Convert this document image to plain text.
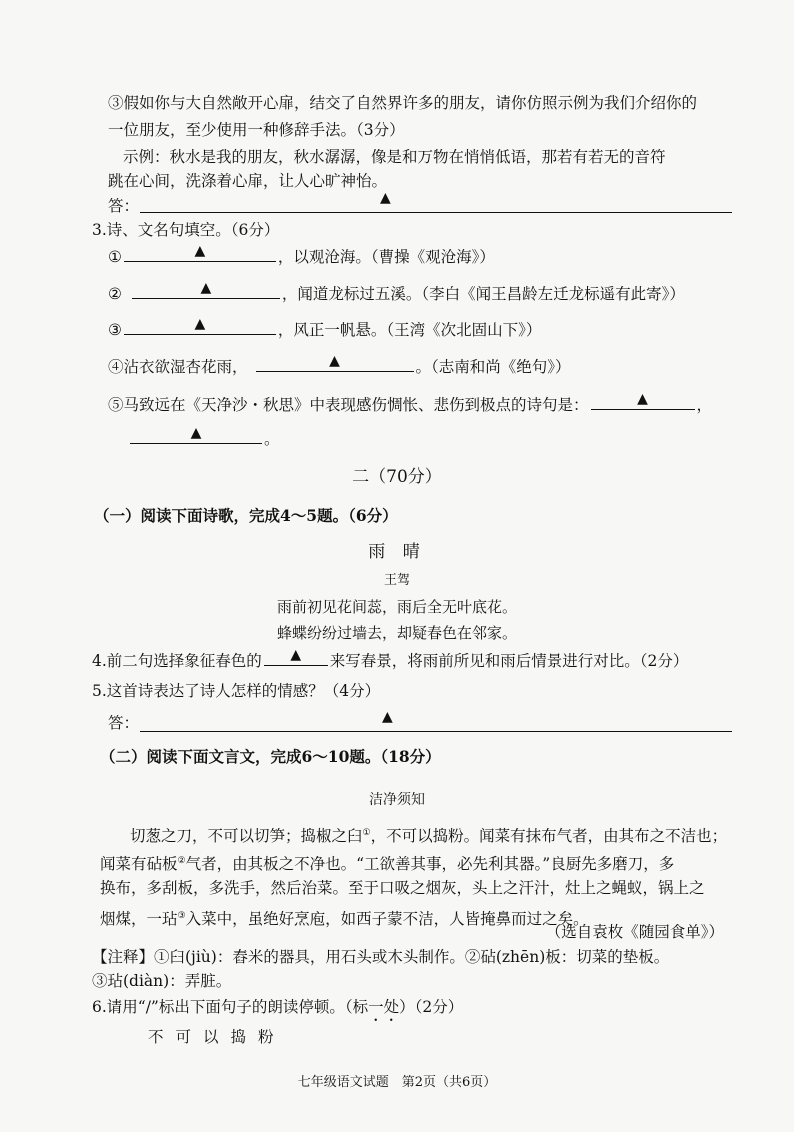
③假如你与大自然敞开心扉，结交了自然界许多的朋友，请你仿照示例为我们介绍你的
一位朋友，至少使用一种修辞手法。（3分）
示例：秋水是我的朋友，秋水潺潺，像是和万物在悄悄低语，那若有若无的音符
跳在心间，洗涤着心扉，让人心旷神怡。
答：	▲
3.诗、文名句填空。（6分）
①	▲	，以观沧海。（曹操《观沧海》）
②	▲	，闻道龙标过五溪。（李白《闻王昌龄左迁龙标遥有此寄》）
③	▲	，风正一帆悬。（王湾《次北固山下》）
④沾衣欲湿杏花雨，	▲	。（志南和尚《绝句》）
⑤马致远在《天净沙・秋思》中表现感伤惆怅、悲伤到极点的诗句是：	▲	，
▲	。
二（70分）
（一）阅读下面诗歌，完成4～5题。（6分）
雨 晴
王驾
雨前初见花间蕊，雨后全无叶底花。
蜂蝶纷纷过墙去，却疑春色在邻家。
4.前二句选择象征春色的 ▲ 来写春景，将雨前所见和雨后情景进行对比。（2分）
5.这首诗表达了诗人怎样的情感？（4分）
答：	▲
（二）阅读下面文言文，完成6～10题。（18分）
洁净须知
切葱之刀，不可以切笋；捣椒之臼①，不可以捣粉。闻菜有抹布气者，由其布之不洁也；
闻菜有砧板②气者，由其板之不净也。“工欲善其事，必先利其器。”良厨先多磨刀，多
换布，多刮板，多洗手，然后治菜。至于口吸之烟灰，头上之汗汁，灶上之蝇蚁，锅上之
烟煤，一玷③入菜中，虽绝好烹庖，如西子蒙不洁，人皆掩鼻而过之矣。
（选自袁枚《随园食单》）
【注释】①臼(jiù)：舂米的器具，用石头或木头制作。②砧(zhēn)板：切菜的垫板。
③玷(diàn)：弄脏。
6.请用“/”标出下面句子的朗读停顿。（标一处）（2分）
不可以捣粉
七年级语文试题　第2页（共6页）
